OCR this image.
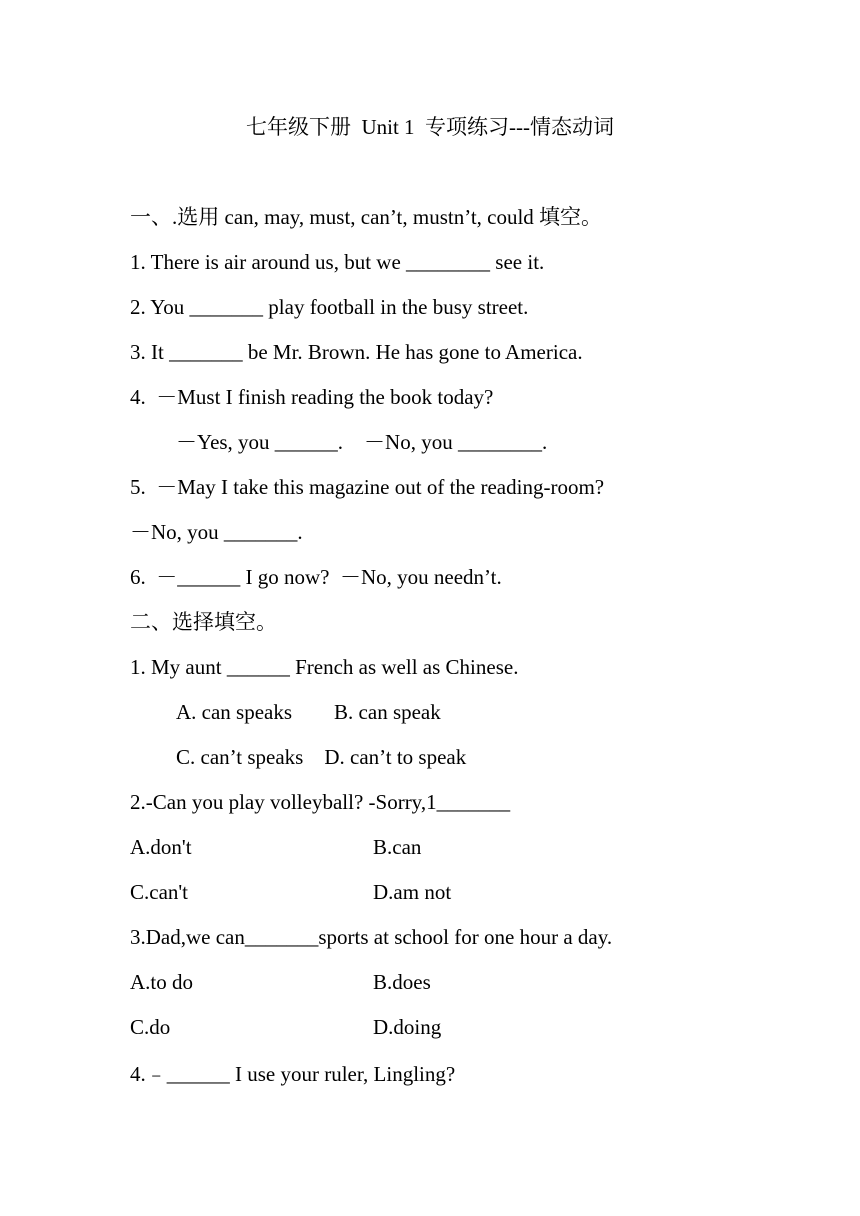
七年级下册  Unit 1  专项练习---情态动词

一、.选用 can, may, must, can’t, mustn’t, could 填空。

1. There is air around us, but we ________ see it.

2. You _______ play football in the busy street.

3. It _______ be Mr. Brown. He has gone to America.

4.  －Must I finish reading the book today?

－Yes, you ______.    －No, you ________.

5.  －May I take this magazine out of the reading-room?

－No, you _______.

6.  －______ I go now?  －No, you needn’t.

二、选择填空。

1. My aunt ______ French as well as Chinese.

A. can speaks        B. can speak

C. can’t speaks    D. can’t to speak

2.-Can you play volleyball? -Sorry,1_______

A.don't	B.can

C.can't	D.am not

3.Dad,we can_______sports at school for one hour a day.

A.to do	B.does

C.do	D.doing

4.﹣______ I use your ruler, Lingling?
